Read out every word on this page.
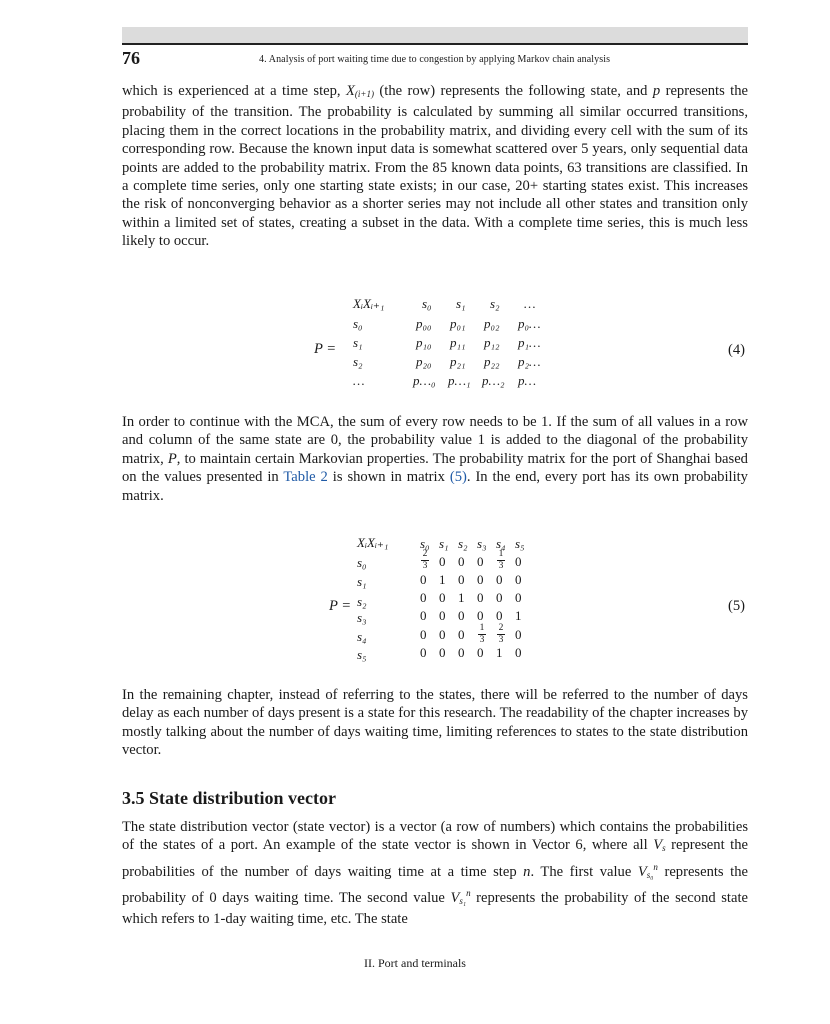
76	4. Analysis of port waiting time due to congestion by applying Markov chain analysis

which is experienced at a time step, $X_{(i+1)}$ (the row) represents the following state, and p represents the probability of the transition. The probability is calculated by summing all similar occurred transitions, placing them in the correct locations in the probability matrix, and dividing every cell with the sum of its corresponding row. Because the known input data is somewhat scattered over 5 years, only sequential data points are added to the probability matrix. From the 85 known data points, 63 transitions are classified. In a complete time series, only one starting state exists; in our case, 20+ starting states exist. This increases the risk of nonconverging behavior as a shorter series may not include all other states and transition only within a limited set of states, creating a subset in the data. With a complete time series, this is much less likely to occur.

P =
XᵢXᵢ₊₁	s₀ s₁ s₂ …
s₀
s₁
s₂
…
p₀₀ p₀₁ p₀₂ p₀…
p₁₀ p₁₁ p₁₂ p₁…
p₂₀ p₂₁ p₂₂ p₂…
p…₀ p…₁ p…₂ p…
(4)

In order to continue with the MCA, the sum of every row needs to be 1. If the sum of all values in a row and column of the same state are 0, the probability value 1 is added to the diagonal of the probability matrix, P, to maintain certain Markovian properties. The probability matrix for the port of Shanghai based on the values presented in Table 2 is shown in matrix (5). In the end, every port has its own probability matrix.

P =
XᵢXᵢ₊₁ s₀ s₁ s₂ s₃ s₄ s₅
s₀
s₁
s₂
s₃
s₄
s₅
2
3 0 0 0 1
3 0
0 1 0 0 0 0
0 0 1 0 0 0
0 0 0 0 0 1
0 0 0 1
3
2
3 0
0 0 0 0 1 0
(5)

In the remaining chapter, instead of referring to the states, there will be referred to the number of days delay as each number of days present is a state for this research. The readability of the chapter increases by mostly talking about the number of days waiting time, limiting references to states to the state distribution vector.

3.5 State distribution vector

The state distribution vector (state vector) is a vector (a row of numbers) which contains the probabilities of the states of a port. An example of the state vector is shown in Vector 6, where all $V_s$ represent the probabilities of the number of days waiting time at a time step n. The first value $V_{s_0}^n$ represents the probability of 0 days waiting time. The second value $V_{s_1}^n$ represents the probability of the second state which refers to 1-day waiting time, etc. The state

II. Port and terminals
